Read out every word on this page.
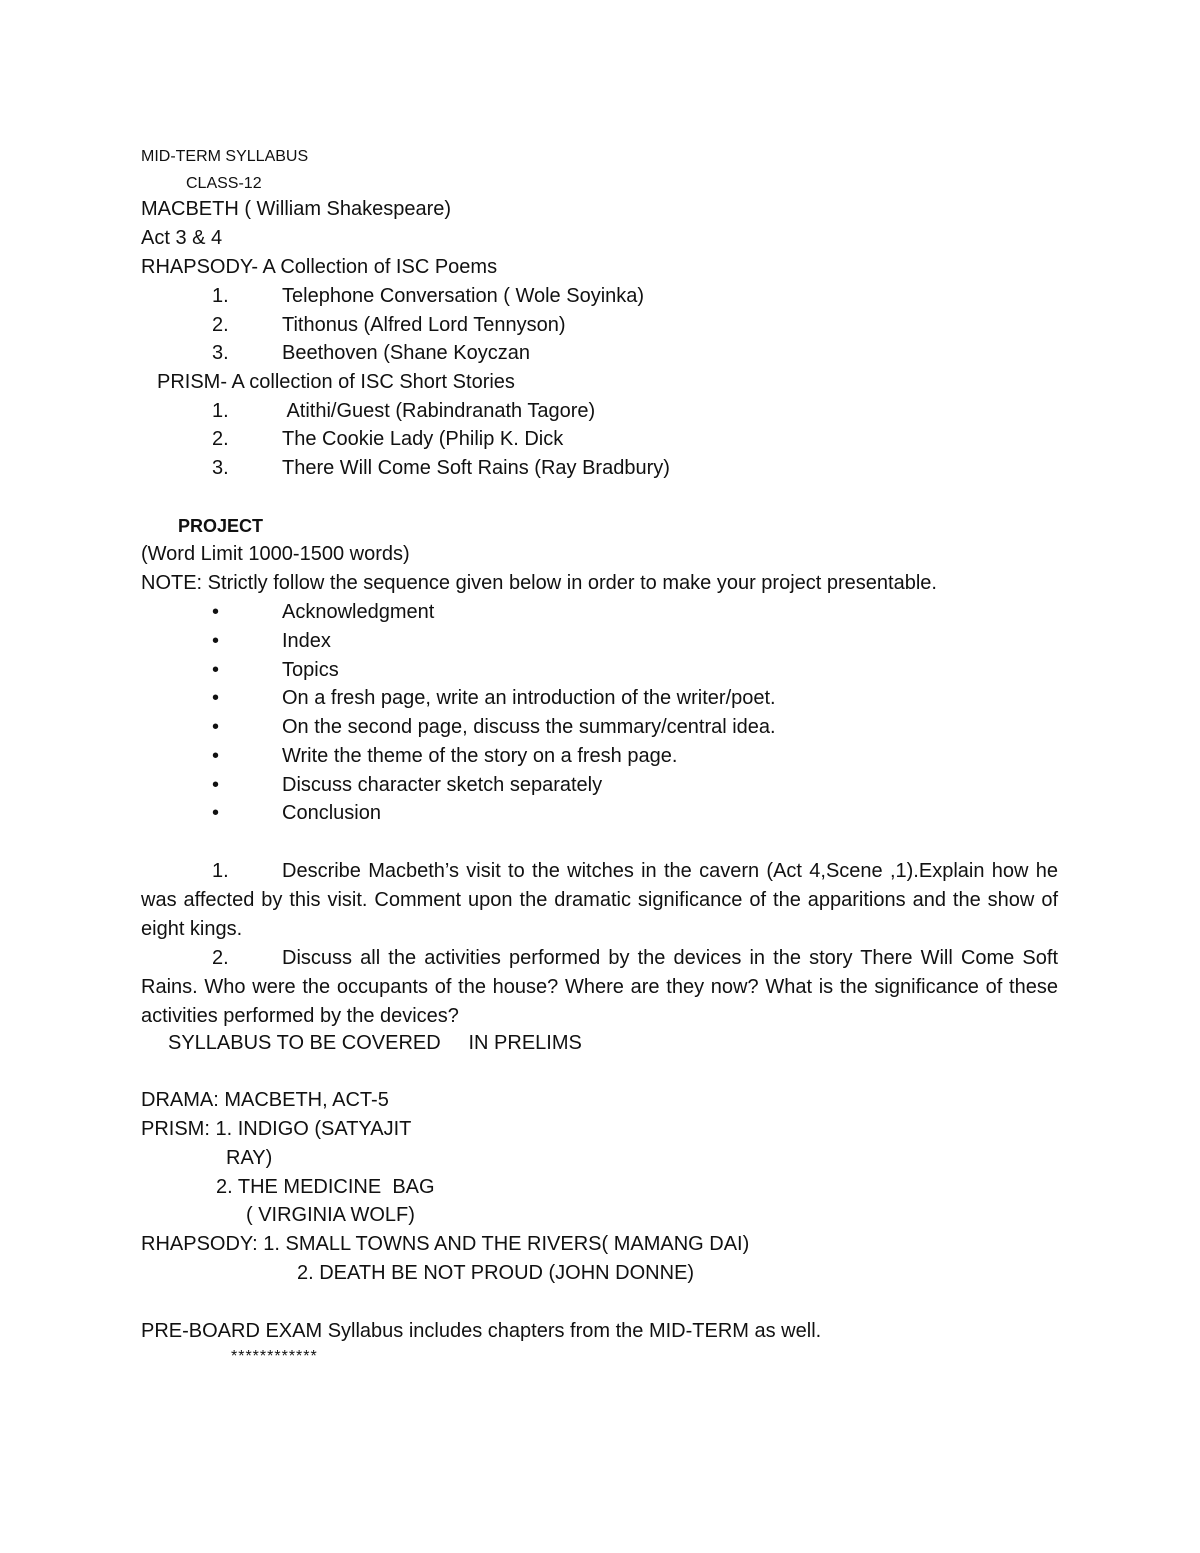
MID-TERM SYLLABUS
CLASS-12
MACBETH ( William Shakespeare)
Act 3 & 4
RHAPSODY- A Collection of ISC Poems
1.	Telephone Conversation ( Wole Soyinka)
2.	Tithonus (Alfred Lord Tennyson)
3.	Beethoven (Shane Koyczan
PRISM- A collection of ISC Short Stories
1.	Atithi/Guest (Rabindranath Tagore)
2.	The Cookie Lady (Philip K. Dick
3.	There Will Come Soft Rains (Ray Bradbury)
PROJECT
(Word Limit 1000-1500 words)
NOTE: Strictly follow the sequence given below in order to make your project presentable.
•	Acknowledgment
•	Index
•	Topics
•	On a fresh page, write an introduction of the writer/poet.
•	On the second page, discuss the summary/central idea.
•	Write the theme of the story on a fresh page.
•	Discuss character sketch separately
•	Conclusion
1.	Describe Macbeth’s visit to the witches in the cavern (Act 4,Scene ,1).Explain how he was affected by this visit. Comment upon the dramatic significance of the apparitions and the show of eight kings.
2.	Discuss all the activities performed by the devices in the story There Will Come Soft Rains. Who were the occupants of the house? Where are they now? What is the significance of these activities performed by the devices?
SYLLABUS TO BE COVERED     IN PRELIMS
DRAMA: MACBETH, ACT-5
PRISM: 1. INDIGO (SATYAJIT
RAY)
2. THE MEDICINE  BAG
( VIRGINIA WOLF)
RHAPSODY: 1. SMALL TOWNS AND THE RIVERS( MAMANG DAI)
2. DEATH BE NOT PROUD (JOHN DONNE)
PRE-BOARD EXAM Syllabus includes chapters from the MID-TERM as well.
************
